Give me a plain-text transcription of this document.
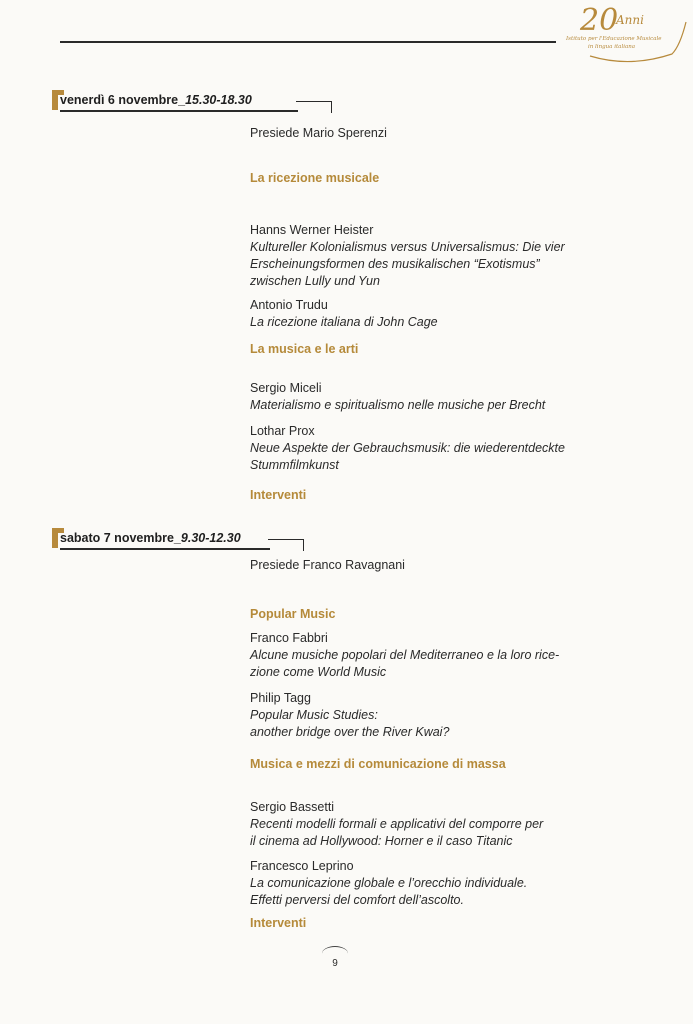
20
Anni
Istituto per l'Educazione Musicale
in lingua italiana
venerdì 6 novembre_15.30-18.30
Presiede Mario Sperenzi
La ricezione musicale
Hanns Werner Heister
Kultureller Kolonialismus versus Universalismus: Die vier
Erscheinungsformen des musikalischen “Exotismus”
zwischen Lully und Yun
Antonio Trudu
La ricezione italiana di John Cage
La musica e le arti
Sergio Miceli
Materialismo e spiritualismo nelle musiche per Brecht
Lothar Prox
Neue Aspekte der Gebrauchsmusik: die wiederentdeckte
Stummfilmkunst
Interventi
sabato 7 novembre_9.30-12.30
Presiede Franco Ravagnani
Popular Music
Franco Fabbri
Alcune musiche popolari del Mediterraneo e la loro rice-
zione come World Music
Philip Tagg
Popular Music Studies:
another bridge over the River Kwai?
Musica e mezzi di comunicazione di massa
Sergio Bassetti
Recenti modelli formali e applicativi del comporre per
il cinema ad Hollywood: Horner e il caso Titanic
Francesco Leprino
La comunicazione globale e l’orecchio individuale.
Effetti perversi del comfort dell’ascolto.
Interventi
9
